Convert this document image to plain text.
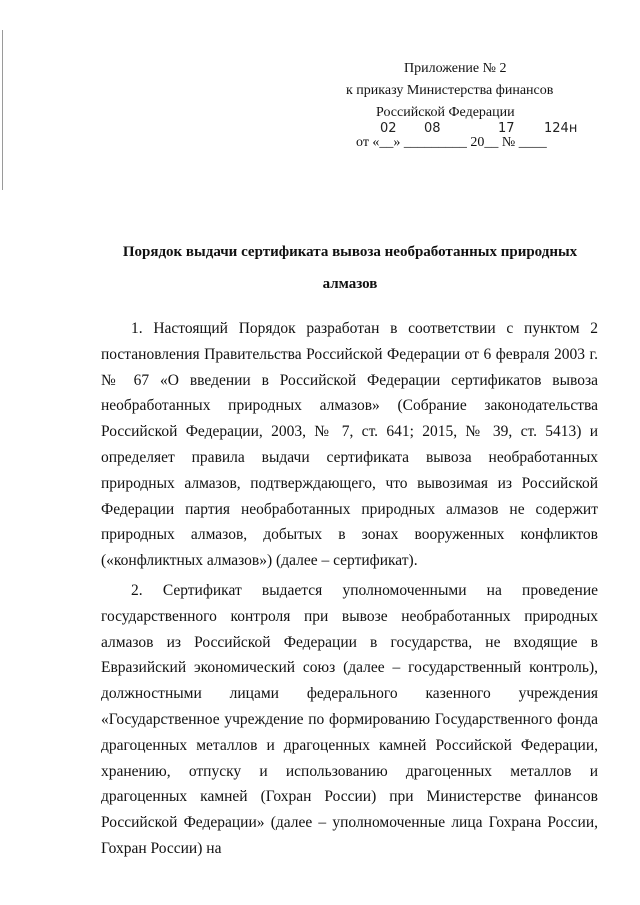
Приложение № 2
к приказу Министерства финансов
Российской Федерации
02 08	17 124н
от «__» _________ 20__ № ____
Порядок выдачи сертификата вывоза необработанных природных алмазов

1. Настоящий Порядок разработан в соответствии с пунктом 2 постановления Правительства Российской Федерации от 6 февраля 2003 г. № 67 «О введении в Российской Федерации сертификатов вывоза необработанных природных алмазов» (Собрание законодательства Российской Федерации, 2003, № 7, ст. 641; 2015, № 39, ст. 5413) и определяет правила выдачи сертификата вывоза необработанных природных алмазов, подтверждающего, что вывозимая из Российской Федерации партия необработанных природных алмазов не содержит природных алмазов, добытых в зонах вооруженных конфликтов («конфликтных алмазов») (далее – сертификат).

2. Сертификат выдается уполномоченными на проведение государственного контроля при вывозе необработанных природных алмазов из Российской Федерации в государства, не входящие в Евразийский экономический союз (далее – государственный контроль), должностными лицами федерального казенного учреждения «Государственное учреждение по формированию Государственного фонда драгоценных металлов и драгоценных камней Российской Федерации, хранению, отпуску и использованию драгоценных металлов и драгоценных камней (Гохран России) при Министерстве финансов Российской Федерации» (далее – уполномоченные лица Гохрана России, Гохран России) на
